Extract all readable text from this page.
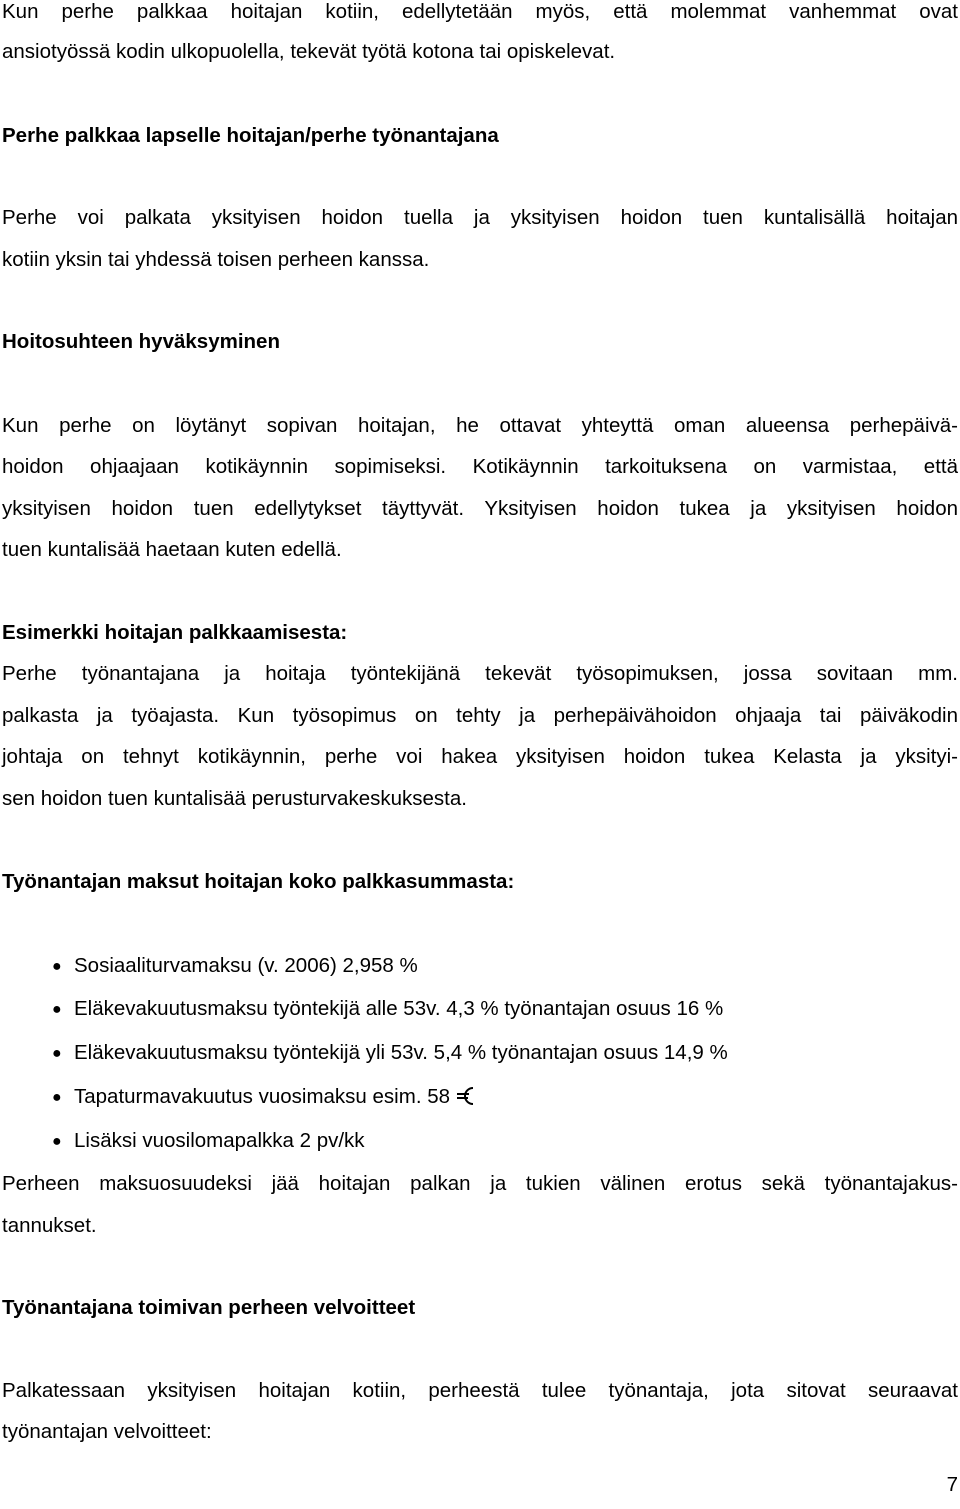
Kun perhe palkkaa hoitajan kotiin, edellytetään myös, että molemmat vanhemmat ovat
ansiotyössä kodin ulkopuolella, tekevät työtä kotona tai opiskelevat.
Perhe palkkaa lapselle hoitajan/perhe työnantajana
Perhe voi palkata yksityisen hoidon tuella ja yksityisen hoidon tuen kuntalisällä hoitajan
kotiin yksin tai yhdessä toisen perheen kanssa.
Hoitosuhteen hyväksyminen
Kun perhe on löytänyt sopivan hoitajan, he ottavat yhteyttä oman alueensa perhepäivä-
hoidon ohjaajaan kotikäynnin sopimiseksi. Kotikäynnin tarkoituksena on varmistaa, että
yksityisen hoidon tuen edellytykset täyttyvät. Yksityisen hoidon tukea ja yksityisen hoidon
tuen kuntalisää haetaan kuten edellä.
Esimerkki hoitajan palkkaamisesta:
Perhe työnantajana ja hoitaja työntekijänä tekevät työsopimuksen, jossa sovitaan mm.
palkasta ja työajasta. Kun työsopimus on tehty ja perhepäivähoidon ohjaaja tai päiväkodin
johtaja on tehnyt kotikäynnin, perhe voi hakea yksityisen hoidon tukea Kelasta ja yksityi-
sen hoidon tuen kuntalisää perusturvakeskuksesta.
Työnantajan maksut hoitajan koko palkkasummasta:
● Sosiaaliturvamaksu (v. 2006) 2,958 %
● Eläkevakuutusmaksu työntekijä alle 53v. 4,3 % työnantajan osuus 16 %
● Eläkevakuutusmaksu työntekijä yli 53v. 5,4 % työnantajan osuus 14,9 %
● Tapaturmavakuutus vuosimaksu esim. 58
● Lisäksi vuosilomapalkka 2 pv/kk
Perheen maksuosuudeksi jää hoitajan palkan ja tukien välinen erotus sekä työnantajakus-
tannukset.
Työnantajana toimivan perheen velvoitteet
Palkatessaan yksityisen hoitajan kotiin, perheestä tulee työnantaja, jota sitovat seuraavat
työnantajan velvoitteet:
7
